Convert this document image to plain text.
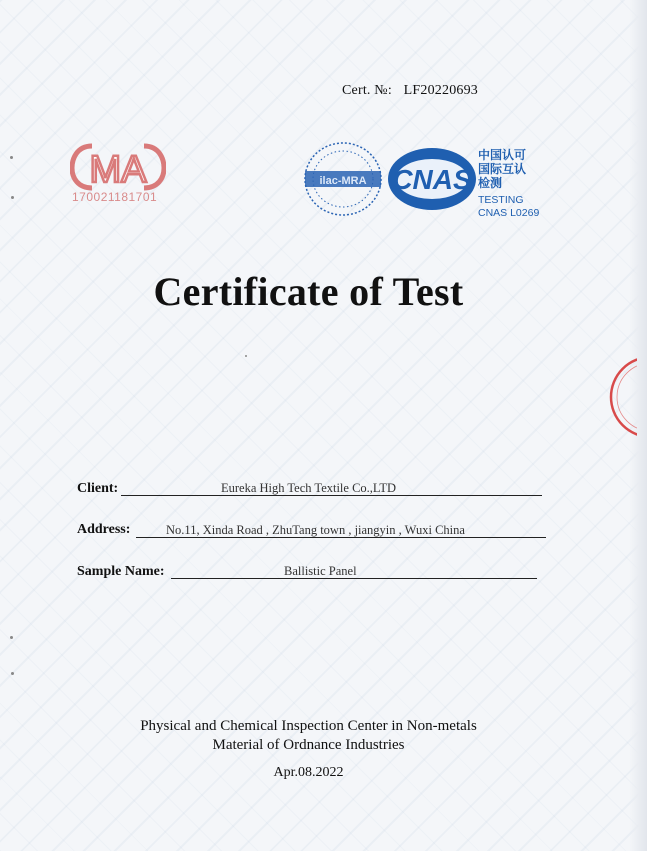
Cert. №: LF20220693
MA
170021181701
ilac-MRA CNAS
中国认可
国际互认
检测
TESTING
CNAS L0269
Certificate of Test
Client:	Eureka High Tech Textile Co.,LTD
Address:	No.11, Xinda Road , ZhuTang town , jiangyin , Wuxi China
Sample Name:	Ballistic Panel
Physical and Chemical Inspection Center in Non-metals
Material of Ordnance Industries
Apr.08.2022
